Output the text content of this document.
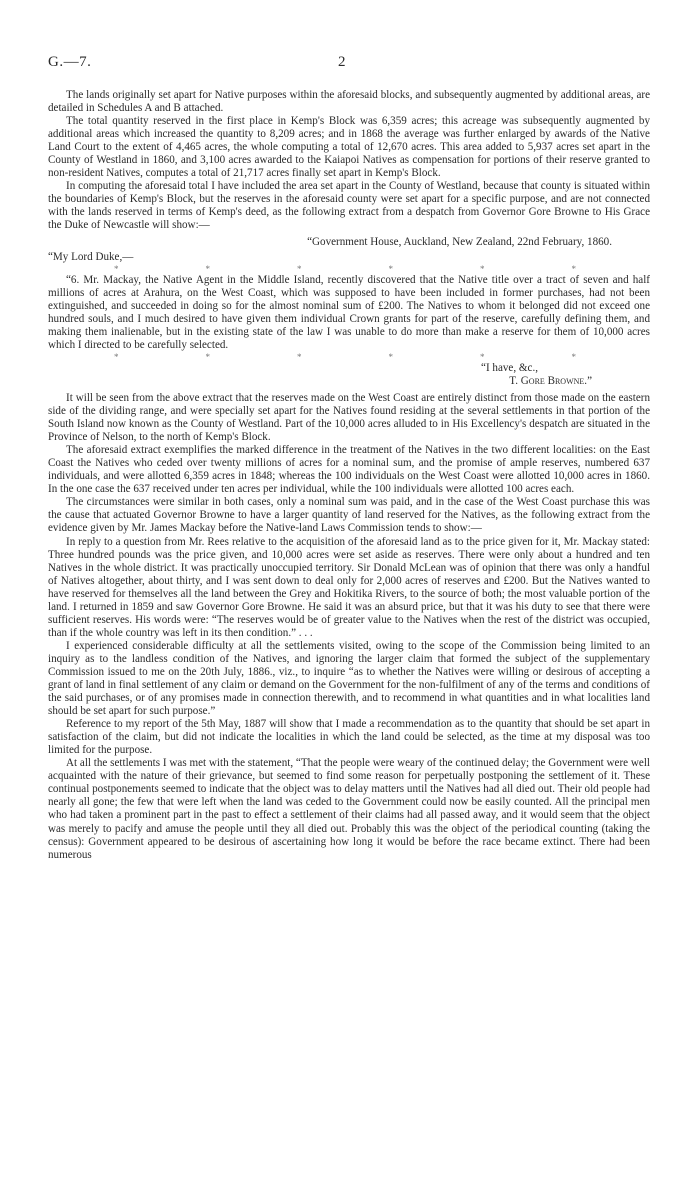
G.—7.	2

The lands originally set apart for Native purposes within the aforesaid blocks, and subsequently augmented by additional areas, are detailed in Schedules A and B attached.

The total quantity reserved in the first place in Kemp's Block was 6,359 acres; this acreage was subsequently augmented by additional areas which increased the quantity to 8,209 acres; and in 1868 the average was further enlarged by awards of the Native Land Court to the extent of 4,465 acres, the whole computing a total of 12,670 acres. This area added to 5,937 acres set apart in the County of Westland in 1860, and 3,100 acres awarded to the Kaiapoi Natives as compensation for portions of their reserve granted to non-resident Natives, computes a total of 21,717 acres finally set apart in Kemp's Block.

In computing the aforesaid total I have included the area set apart in the County of Westland, because that county is situated within the boundaries of Kemp's Block, but the reserves in the aforesaid county were set apart for a specific purpose, and are not connected with the lands reserved in terms of Kemp's deed, as the following extract from a despatch from Governor Gore Browne to His Grace the Duke of Newcastle will show:—

“Government House, Auckland, New Zealand, 22nd February, 1860.

“My Lord Duke,—

*	*	*	*	*	*

“6. Mr. Mackay, the Native Agent in the Middle Island, recently discovered that the Native title over a tract of seven and half millions of acres at Arahura, on the West Coast, which was supposed to have been included in former purchases, had not been extinguished, and succeeded in doing so for the almost nominal sum of £200. The Natives to whom it belonged did not exceed one hundred souls, and I much desired to have given them individual Crown grants for part of the reserve, carefully defining them, and making them inalienable, but in the existing state of the law I was unable to do more than make a reserve for them of 10,000 acres which I directed to be carefully selected.

*	*	*	*	*	*

“I have, &c.,

T. Gore Browne.”

It will be seen from the above extract that the reserves made on the West Coast are entirely distinct from those made on the eastern side of the dividing range, and were specially set apart for the Natives found residing at the several settlements in that portion of the South Island now known as the County of Westland. Part of the 10,000 acres alluded to in His Excellency's despatch are situated in the Province of Nelson, to the north of Kemp's Block.

The aforesaid extract exemplifies the marked difference in the treatment of the Natives in the two different localities: on the East Coast the Natives who ceded over twenty millions of acres for a nominal sum, and the promise of ample reserves, numbered 637 individuals, and were allotted 6,359 acres in 1848; whereas the 100 individuals on the West Coast were allotted 10,000 acres in 1860. In the one case the 637 received under ten acres per individual, while the 100 individuals were allotted 100 acres each.

The circumstances were similar in both cases, only a nominal sum was paid, and in the case of the West Coast purchase this was the cause that actuated Governor Browne to have a larger quantity of land reserved for the Natives, as the following extract from the evidence given by Mr. James Mackay before the Native-land Laws Commission tends to show:—

In reply to a question from Mr. Rees relative to the acquisition of the aforesaid land as to the price given for it, Mr. Mackay stated: Three hundred pounds was the price given, and 10,000 acres were set aside as reserves. There were only about a hundred and ten Natives in the whole district. It was practically unoccupied territory. Sir Donald McLean was of opinion that there was only a handful of Natives altogether, about thirty, and I was sent down to deal only for 2,000 acres of reserves and £200. But the Natives wanted to have reserved for themselves all the land between the Grey and Hokitika Rivers, to the source of both; the most valuable portion of the land. I returned in 1859 and saw Governor Gore Browne. He said it was an absurd price, but that it was his duty to see that there were sufficient reserves. His words were: “The reserves would be of greater value to the Natives when the rest of the district was occupied, than if the whole country was left in its then condition.” . . .

I experienced considerable difficulty at all the settlements visited, owing to the scope of the Commission being limited to an inquiry as to the landless condition of the Natives, and ignoring the larger claim that formed the subject of the supplementary Commission issued to me on the 20th July, 1886., viz., to inquire “as to whether the Natives were willing or desirous of accepting a grant of land in final settlement of any claim or demand on the Government for the non-fulfilment of any of the terms and conditions of the said purchases, or of any promises made in connection therewith, and to recommend in what quantities and in what localities land should be set apart for such purpose.”

Reference to my report of the 5th May, 1887 will show that I made a recommendation as to the quantity that should be set apart in satisfaction of the claim, but did not indicate the localities in which the land could be selected, as the time at my disposal was too limited for the purpose.

At all the settlements I was met with the statement, “That the people were weary of the continued delay; the Government were well acquainted with the nature of their grievance, but seemed to find some reason for perpetually postponing the settlement of it. These continual postponements seemed to indicate that the object was to delay matters until the Natives had all died out. Their old people had nearly all gone; the few that were left when the land was ceded to the Government could now be easily counted. All the principal men who had taken a prominent part in the past to effect a settlement of their claims had all passed away, and it would seem that the object was merely to pacify and amuse the people until they all died out. Probably this was the object of the periodical counting (taking the census): Government appeared to be desirous of ascertaining how long it would be before the race became extinct. There had been numerous
